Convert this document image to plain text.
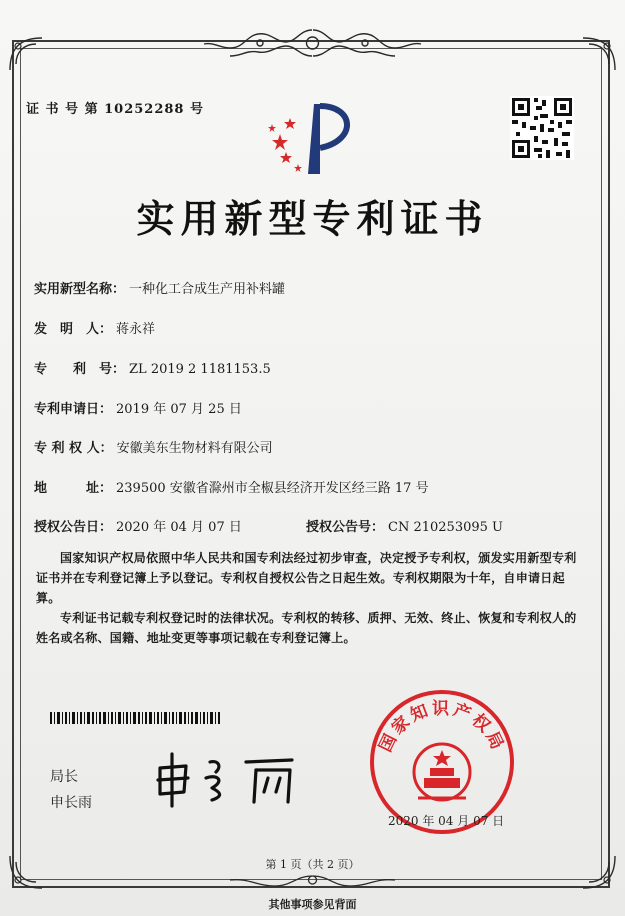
证 书 号 第 10252288 号
实用新型专利证书
实用新型名称： 一种化工合成生产用补料罐
发　明　人： 蒋永祥
专　　利　号： ZL 2019 2 1181153.5
专利申请日： 2019 年 07 月 25 日
专 利 权 人： 安徽美东生物材料有限公司
地　　　址： 239500 安徽省滁州市全椒县经济开发区经三路 17 号
授权公告日： 2020 年 04 月 07 日	授权公告号： CN 210253095 U
国家知识产权局依照中华人民共和国专利法经过初步审查，决定授予专利权，颁发实用新型专利证书并在专利登记簿上予以登记。专利权自授权公告之日起生效。专利权期限为十年，自申请日起算。
专利证书记载专利权登记时的法律状况。专利权的转移、质押、无效、终止、恢复和专利权人的姓名或名称、国籍、地址变更等事项记载在专利登记簿上。
局长
申长雨
国家知识产权局
2020 年 04 月 07 日
第 1 页（共 2 页）
其他事项参见背面
